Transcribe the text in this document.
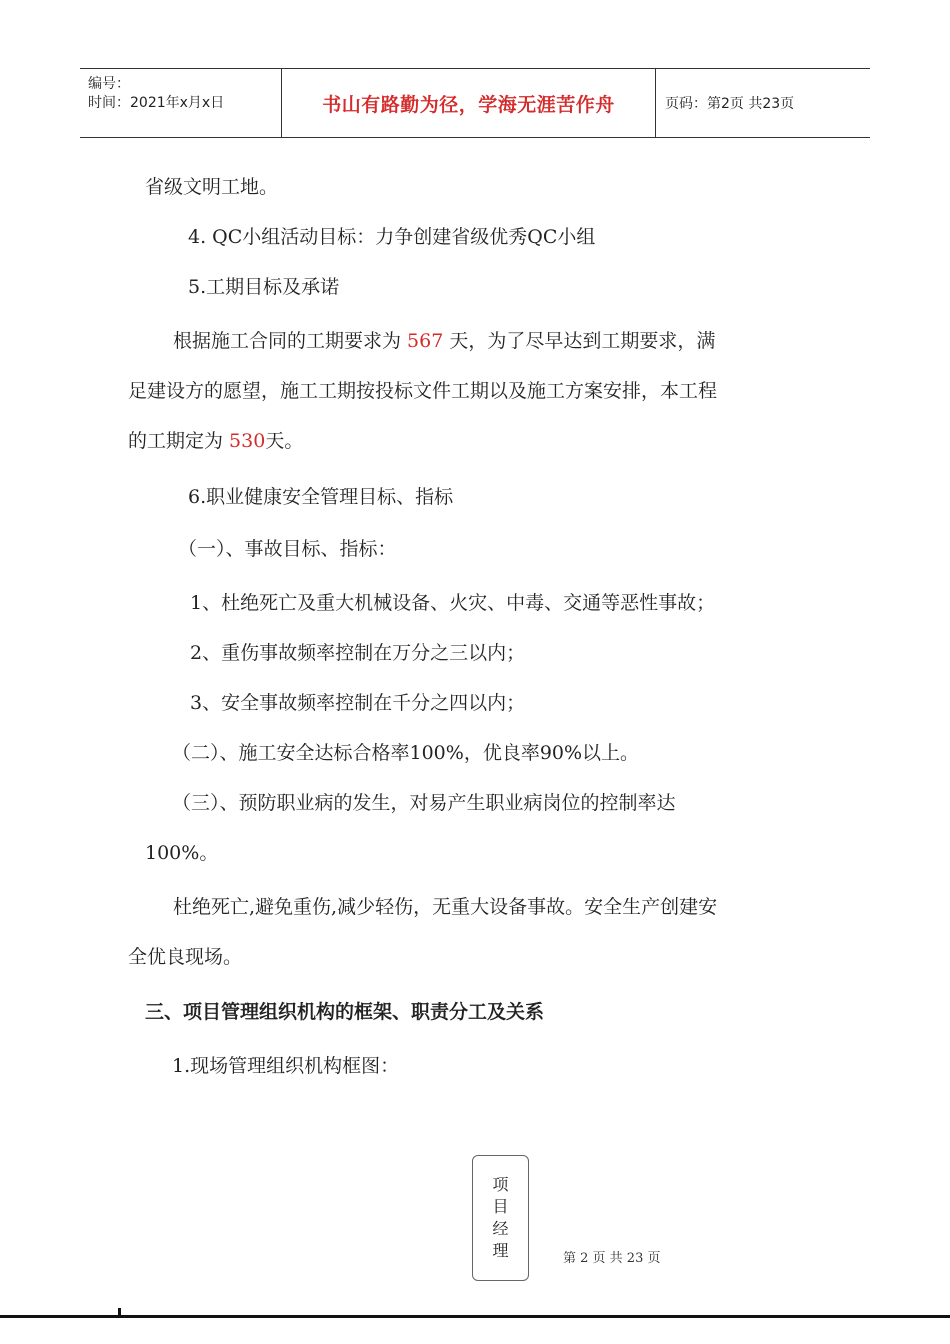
编号：
时间：2021年x月x日	书山有路勤为径，学海无涯苦作舟	页码：第2页 共23页
省级文明工地。
4. QC小组活动目标：力争创建省级优秀QC小组
5.工期目标及承诺
根据施工合同的工期要求为 567 天，为了尽早达到工期要求，满
足建设方的愿望，施工工期按投标文件工期以及施工方案安排，本工程
的工期定为 530天。
6.职业健康安全管理目标、指标
（一）、事故目标、指标：
1、杜绝死亡及重大机械设备、火灾、中毒、交通等恶性事故；
2、重伤事故频率控制在万分之三以内；
3、安全事故频率控制在千分之四以内；
（二）、施工安全达标合格率100%，优良率90%以上。
（三）、预防职业病的发生，对易产生职业病岗位的控制率达
100%。
杜绝死亡,避免重伤,减少轻伤，无重大设备事故。安全生产创建安
全优良现场。
三、项目管理组织机构的框架、职责分工及关系
1.现场管理组织机构框图：
项
目
经
理	第 2 页 共 23 页
